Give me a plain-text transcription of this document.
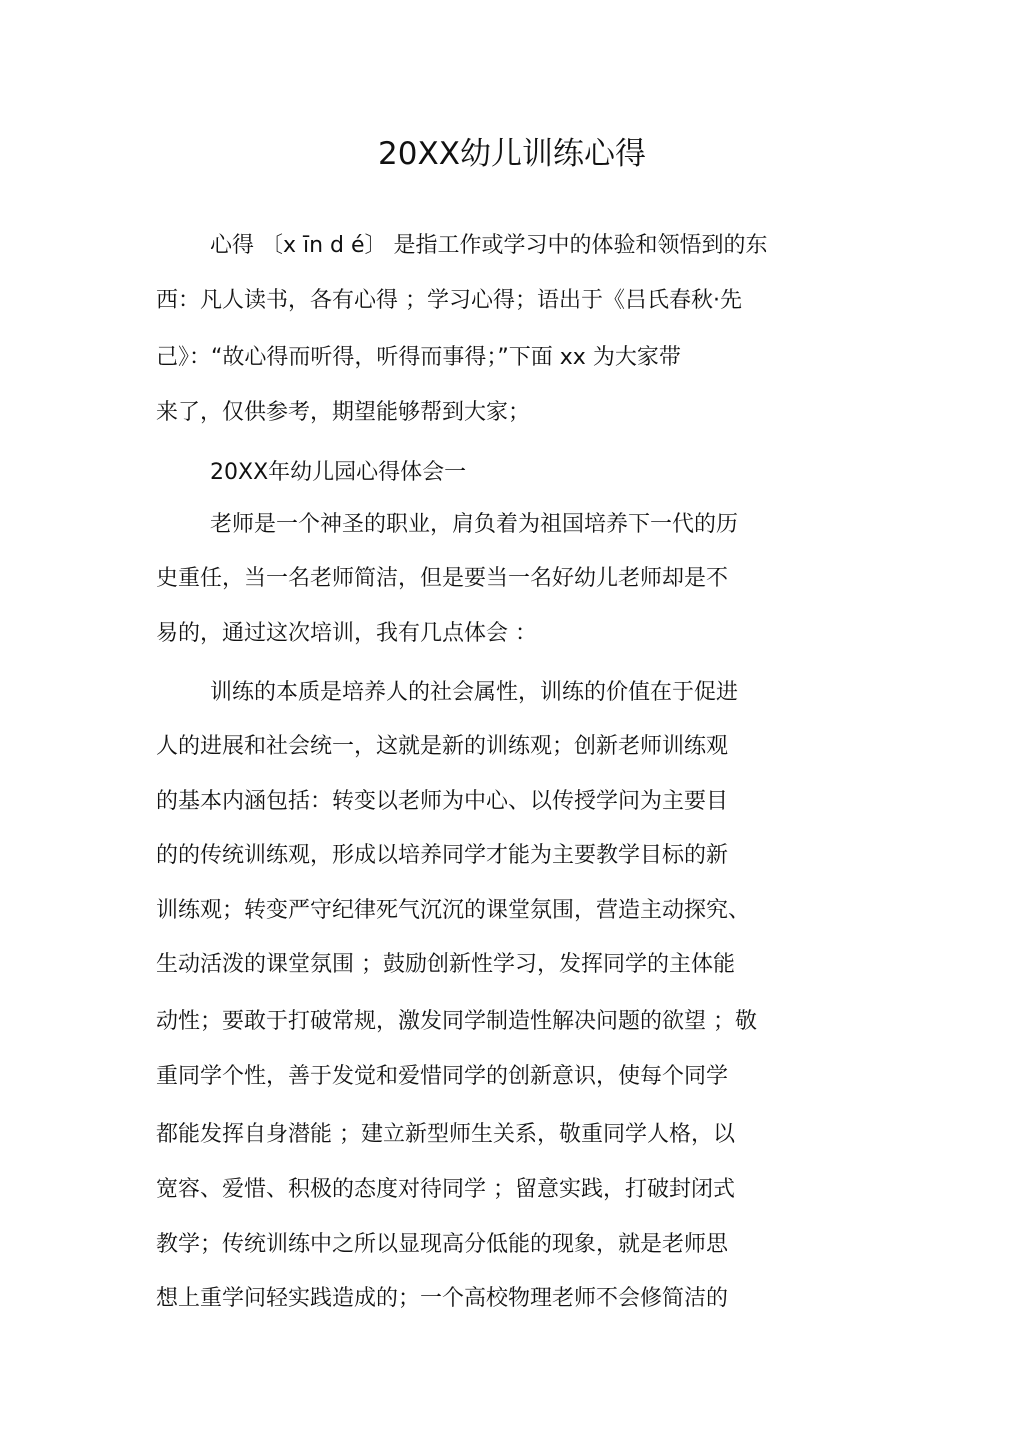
20XX幼儿训练心得
心得 〔x īn d é〕 是指工作或学习中的体验和领悟到的东
西：凡人读书，各有心得 ；学习心得；语出于《吕氏春秋·先
己》：“故心得而听得，听得而事得；”下面 xx 为大家带
来了，仅供参考，期望能够帮到大家；
20XX年幼儿园心得体会一
老师是一个神圣的职业，肩负着为祖国培养下一代的历
史重任，当一名老师简洁，但是要当一名好幼儿老师却是不
易的，通过这次培训，我有几点体会 ：
训练的本质是培养人的社会属性，训练的价值在于促进
人的进展和社会统一，这就是新的训练观；创新老师训练观
的基本内涵包括：转变以老师为中心、以传授学问为主要目
的的传统训练观，形成以培养同学才能为主要教学目标的新
训练观；转变严守纪律死气沉沉的课堂氛围，营造主动探究、
生动活泼的课堂氛围 ；鼓励创新性学习，发挥同学的主体能
动性；要敢于打破常规，激发同学制造性解决问题的欲望 ；敬
重同学个性，善于发觉和爱惜同学的创新意识，使每个同学
都能发挥自身潜能 ；建立新型师生关系，敬重同学人格，以
宽容、爱惜、积极的态度对待同学 ；留意实践，打破封闭式
教学；传统训练中之所以显现高分低能的现象，就是老师思
想上重学问轻实践造成的；一个高校物理老师不会修简洁的
